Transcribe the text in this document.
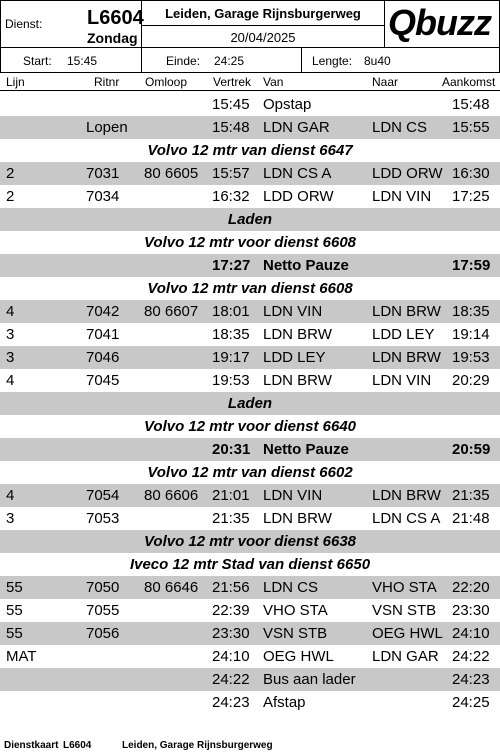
Dienst: L6604
Zondag
Leiden, Garage Rijnsburgerweg
20/04/2025	Qbuzz
Start: 15:45	Einde: 24:25	Lengte: 8u40
Lijn	Ritnr Omloop Vertrek Van	Naar	Aankomst
15:45 Opstap	15:48
Lopen	15:48 LDN GAR	LDN CS 15:55
Volvo 12 mtr van dienst 6647
2	7031 80 6605 15:57 LDN CS A	LDD ORW 16:30
2	7034	16:32 LDD ORW	LDN VIN 17:25
Laden
Volvo 12 mtr voor dienst 6608
17:27 Netto Pauze	17:59
Volvo 12 mtr van dienst 6608
4	7042 80 6607 18:01 LDN VIN	LDN BRW 18:35
3	7041	18:35 LDN BRW	LDD LEY 19:14
3	7046	19:17 LDD LEY	LDN BRW 19:53
4	7045	19:53 LDN BRW	LDN VIN 20:29
Laden
Volvo 12 mtr voor dienst 6640
20:31 Netto Pauze	20:59
Volvo 12 mtr van dienst 6602
4	7054 80 6606 21:01 LDN VIN	LDN BRW 21:35
3	7053	21:35 LDN BRW	LDN CS A 21:48
Volvo 12 mtr voor dienst 6638
Iveco 12 mtr Stad van dienst 6650
55	7050 80 6646 21:56 LDN CS	VHO STA 22:20
55	7055	22:39 VHO STA	VSN STB 23:30
55	7056	23:30 VSN STB	OEG HWL 24:10
MAT	24:10 OEG HWL	LDN GAR 24:22
24:22 Bus aan lader	24:23
24:23 Afstap	24:25
Dienstkaart L6604	Leiden, Garage Rijnsburgerweg
